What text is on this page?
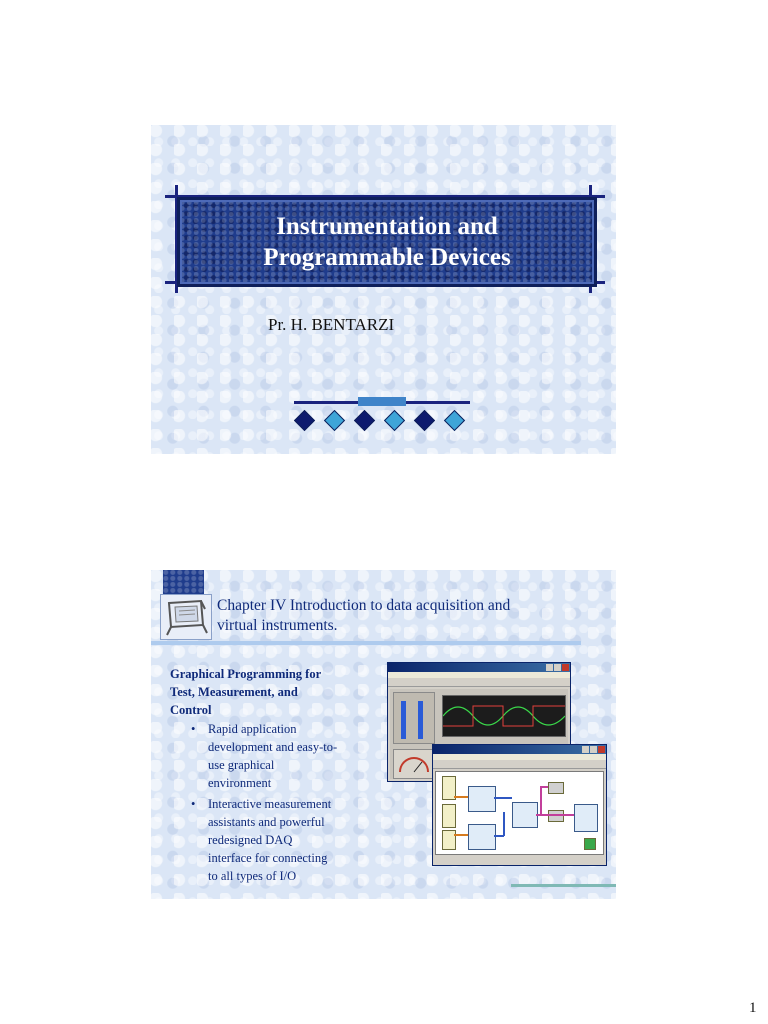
Instrumentation and
Programmable Devices
Pr. H. BENTARZI
Chapter IV Introduction to data acquisition and
virtual instruments.
Graphical Programming for
Test, Measurement, and
Control
•	Rapid application
development and easy-to-
use graphical
environment
•	Interactive measurement
assistants and powerful
redesigned DAQ
interface for connecting
to all types of I/O
1
